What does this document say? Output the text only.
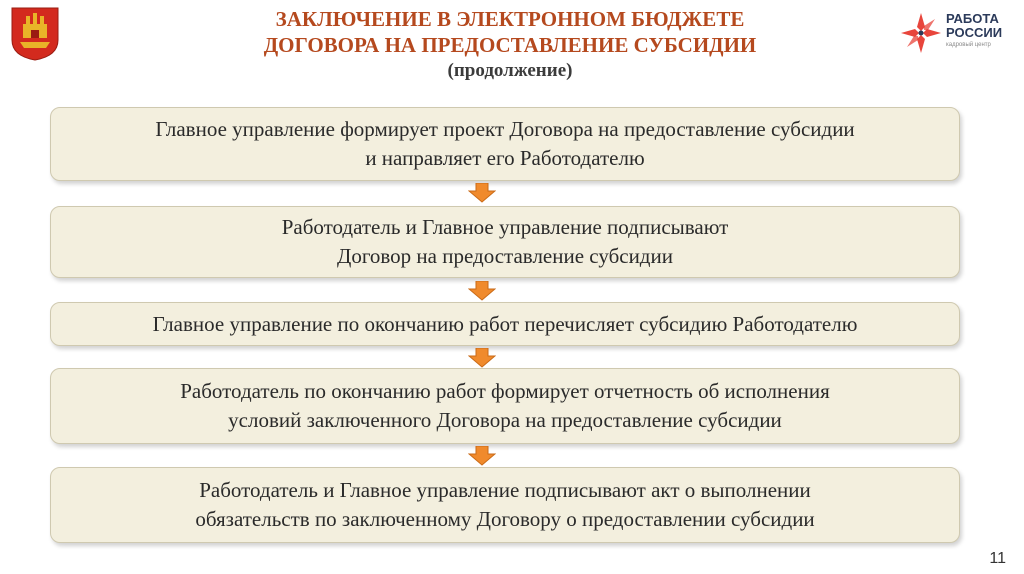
ЗАКЛЮЧЕНИЕ В ЭЛЕКТРОННОМ БЮДЖЕТЕ
ДОГОВОРА НА ПРЕДОСТАВЛЕНИЕ СУБСИДИИ
(продолжение)
РАБОТА
РОССИИ
кадровый центр
Главное управление формирует проект Договора на предоставление субсидии
и направляет его Работодателю
Работодатель и Главное управление подписывают
Договор на предоставление субсидии
Главное управление по окончанию работ перечисляет субсидию Работодателю
Работодатель по окончанию работ формирует отчетность об исполнения
условий заключенного Договора на предоставление субсидии
Работодатель и Главное управление подписывают акт о выполнении
обязательств по заключенному Договору о предоставлении субсидии
11
